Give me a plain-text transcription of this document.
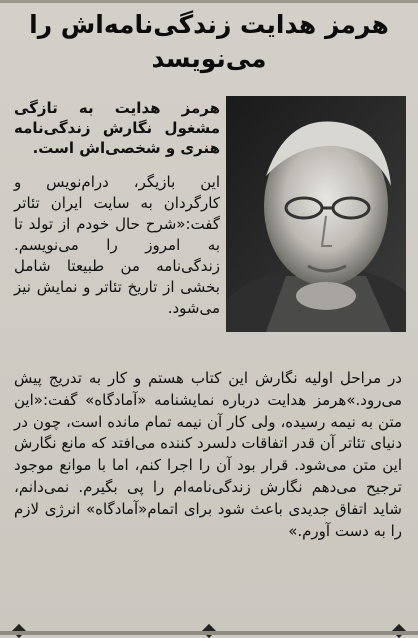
هرمز هدایت زندگی‌نامه‌اش را می‌نویسد

هرمز هدایت به تازگی مشغول نگارش زندگی‌نامه هنری و شخصی‌اش است.

این بازیگر، درام‌نویس و کارگردان به سایت ایران تئاتر گفت:«شرح حال خودم از تولد تا به امروز را می‌نویسم. زندگی‌نامه من طبیعتا شامل بخشی از تاریخ تئاتر و نمایش نیز می‌شود.

در مراحل اولیه نگارش این کتاب هستم و کار به تدریج پیش می‌رود.»هرمز هدایت درباره نمایشنامه «آمادگاه» گفت:«این متن به نیمه رسیده، ولی کار آن نیمه تمام مانده است، چون در دنیای تئاتر آن قدر اتفاقات دلسرد کننده می‌افتد که مانع نگارش این متن می‌شود. قرار بود آن را اجرا کنم، اما با موانع موجود ترجیح می‌دهم نگارش زندگی‌نامه‌ام را پی بگیرم. نمی‌دانم، شاید اتفاق جدیدی باعث شود برای اتمام«آمادگاه» انرژی لازم را به دست آورم.»
